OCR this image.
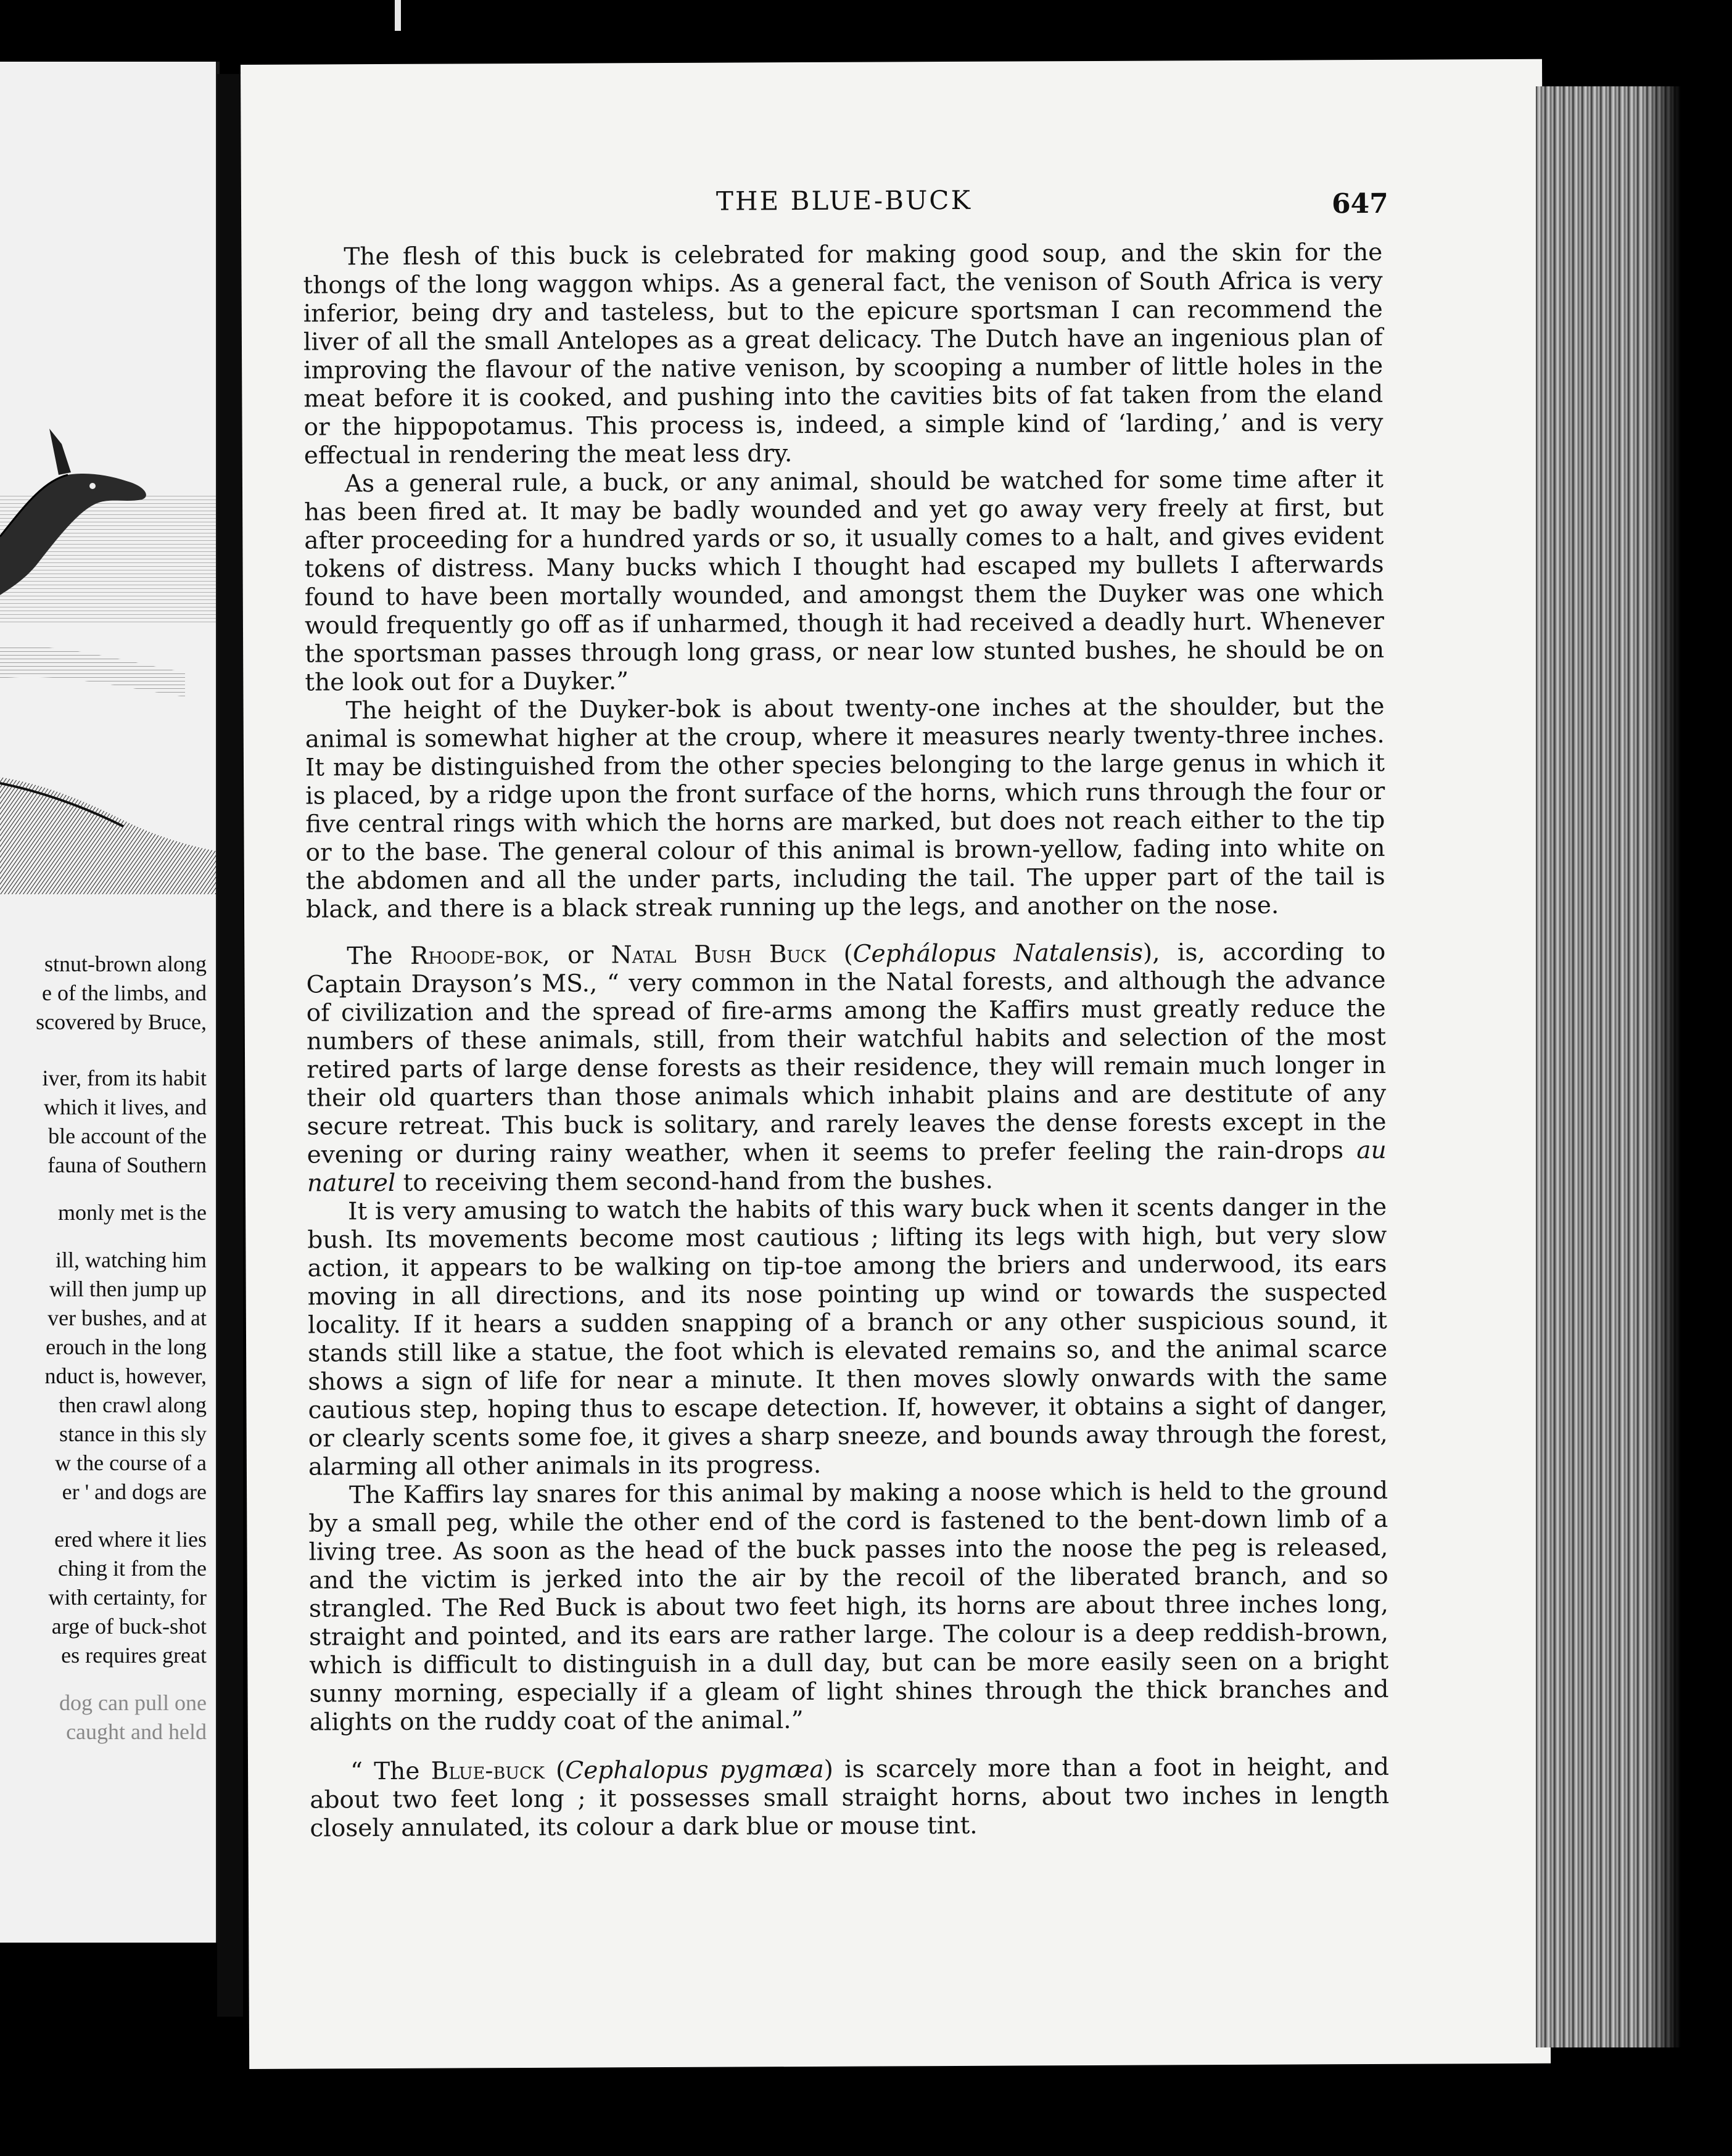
stnut-brown along
e of the limbs, and
scovered by Bruce,
iver, from its habit
which it lives, and
ble account of the
fauna of Southern
monly met is the
ill, watching him
will then jump up
ver bushes, and at
erouch in the long
nduct is, however,
then crawl along
stance in this sly
w the course of a
er ' and dogs are
ered where it lies
ching it from the
with certainty, for
arge of buck-shot
es requires great
dog can pull one
caught and held
THE BLUE-BUCK	647

The flesh of this buck is celebrated for making good soup, and the skin for the thongs of the long waggon whips. As a general fact, the venison of South Africa is very inferior, being dry and tasteless, but to the epicure sportsman I can recommend the liver of all the small Antelopes as a great delicacy. The Dutch have an ingenious plan of improving the flavour of the native venison, by scooping a number of little holes in the meat before it is cooked, and pushing into the cavities bits of fat taken from the eland or the hippopotamus. This process is, indeed, a simple kind of ‘larding,’ and is very effectual in rendering the meat less dry.

As a general rule, a buck, or any animal, should be watched for some time after it has been fired at. It may be badly wounded and yet go away very freely at first, but after proceeding for a hundred yards or so, it usually comes to a halt, and gives evident tokens of distress. Many bucks which I thought had escaped my bullets I afterwards found to have been mortally wounded, and amongst them the Duyker was one which would frequently go off as if unharmed, though it had received a deadly hurt. Whenever the sportsman passes through long grass, or near low stunted bushes, he should be on the look out for a Duyker.”

The height of the Duyker-bok is about twenty-one inches at the shoulder, but the animal is somewhat higher at the croup, where it measures nearly twenty-three inches. It may be distinguished from the other species belonging to the large genus in which it is placed, by a ridge upon the front surface of the horns, which runs through the four or five central rings with which the horns are marked, but does not reach either to the tip or to the base. The general colour of this animal is brown-yellow, fading into white on the abdomen and all the under parts, including the tail. The upper part of the tail is black, and there is a black streak running up the legs, and another on the nose.

The Rhoode-bok, or Natal Bush Buck (Cephálopus Natalensis), is, according to Captain Drayson’s MS., “ very common in the Natal forests, and although the advance of civilization and the spread of fire-arms among the Kaffirs must greatly reduce the numbers of these animals, still, from their watchful habits and selection of the most retired parts of large dense forests as their residence, they will remain much longer in their old quarters than those animals which inhabit plains and are destitute of any secure retreat. This buck is solitary, and rarely leaves the dense forests except in the evening or during rainy weather, when it seems to prefer feeling the rain-drops au naturel to receiving them second-hand from the bushes.

It is very amusing to watch the habits of this wary buck when it scents danger in the bush. Its movements become most cautious ; lifting its legs with high, but very slow action, it appears to be walking on tip-toe among the briers and underwood, its ears moving in all directions, and its nose pointing up wind or towards the suspected locality. If it hears a sudden snapping of a branch or any other suspicious sound, it stands still like a statue, the foot which is elevated remains so, and the animal scarce shows a sign of life for near a minute. It then moves slowly onwards with the same cautious step, hoping thus to escape detection. If, however, it obtains a sight of danger, or clearly scents some foe, it gives a sharp sneeze, and bounds away through the forest, alarming all other animals in its progress.

The Kaffirs lay snares for this animal by making a noose which is held to the ground by a small peg, while the other end of the cord is fastened to the bent-down limb of a living tree. As soon as the head of the buck passes into the noose the peg is released, and the victim is jerked into the air by the recoil of the liberated branch, and so strangled. The Red Buck is about two feet high, its horns are about three inches long, straight and pointed, and its ears are rather large. The colour is a deep reddish-brown, which is difficult to distinguish in a dull day, but can be more easily seen on a bright sunny morning, especially if a gleam of light shines through the thick branches and alights on the ruddy coat of the animal.”

“ The Blue-buck (Cephalopus pygmæa) is scarcely more than a foot in height, and about two feet long ; it possesses small straight horns, about two inches in length closely annulated, its colour a dark blue or mouse tint.
